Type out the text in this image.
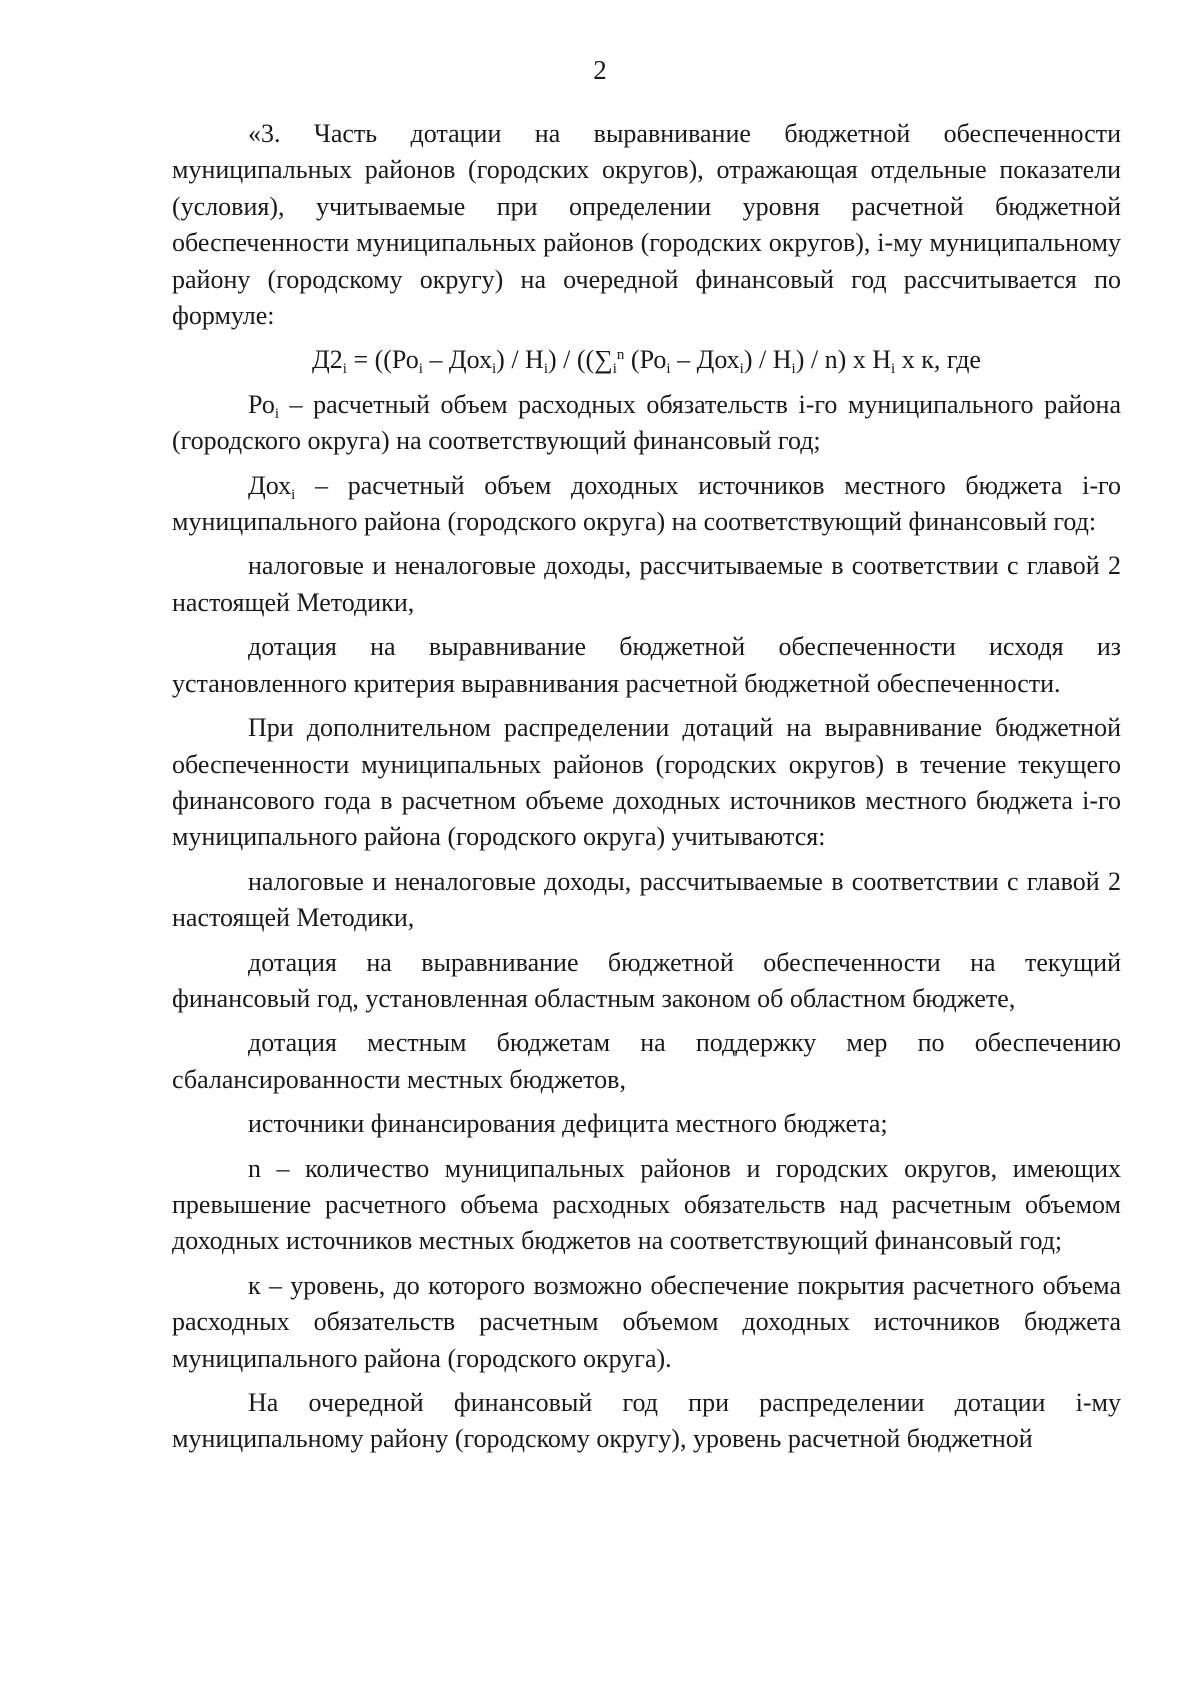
2

«3. Часть дотации на выравнивание бюджетной обеспеченности муниципальных районов (городских округов), отражающая отдельные показатели (условия), учитываемые при определении уровня расчетной бюджетной обеспеченности муниципальных районов (городских округов), i-му муниципальному району (городскому округу) на очередной финансовый год рассчитывается по формуле:

$Д2_i = ((Ро_i - Дох_i) / Н_i) / ((\sum_i^n$ $(Ро_i - Дох_i) / Н_i) / n$) х $Н_i$ х к, где

$Ро_i$ – расчетный объем расходных обязательств i-го муниципального района (городского округа) на соответствующий финансовый год;

Дох$_i$ – расчетный объем доходных источников местного бюджета i-го муниципального района (городского округа) на соответствующий финансовый год:

налоговые и неналоговые доходы, рассчитываемые в соответствии с главой 2 настоящей Методики,

дотация на выравнивание бюджетной обеспеченности исходя из установленного критерия выравнивания расчетной бюджетной обеспеченности.

При дополнительном распределении дотаций на выравнивание бюджетной обеспеченности муниципальных районов (городских округов) в течение текущего финансового года в расчетном объеме доходных источников местного бюджета i-го муниципального района (городского округа) учитываются:

налоговые и неналоговые доходы, рассчитываемые в соответствии с главой 2 настоящей Методики,

дотация на выравнивание бюджетной обеспеченности на текущий финансовый год, установленная областным законом об областном бюджете,

дотация местным бюджетам на поддержку мер по обеспечению сбалансированности местных бюджетов,

источники финансирования дефицита местного бюджета;

n – количество муниципальных районов и городских округов, имеющих превышение расчетного объема расходных обязательств над расчетным объемом доходных источников местных бюджетов на соответствующий финансовый год;

к – уровень, до которого возможно обеспечение покрытия расчетного объема расходных обязательств расчетным объемом доходных источников бюджета муниципального района (городского округа).

На очередной финансовый год при распределении дотации i-му муниципальному району (городскому округу), уровень расчетной бюджетной
